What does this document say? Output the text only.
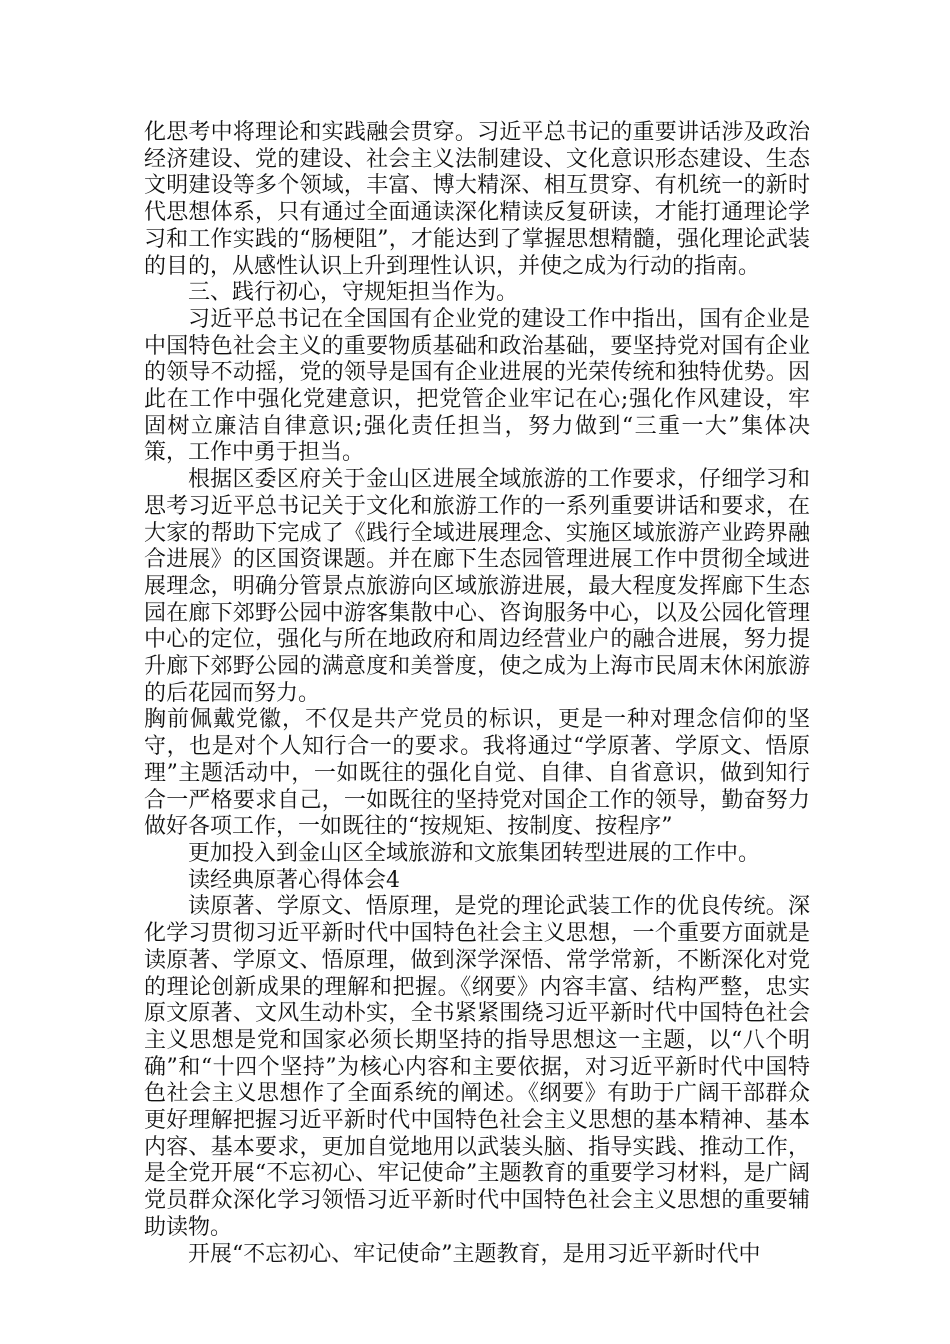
化思考中将理论和实践融会贯穿。习近平总书记的重要讲话涉及政治经济建设、党的建设、社会主义法制建设、文化意识形态建设、生态文明建设等多个领域，丰富、博大精深、相互贯穿、有机统一的新时代思想体系，只有通过全面通读深化精读反复研读，才能打通理论学习和工作实践的“肠梗阻”，才能达到了掌握思想精髓，强化理论武装的目的，从感性认识上升到理性认识，并使之成为行动的指南。

三、践行初心，守规矩担当作为。

习近平总书记在全国国有企业党的建设工作中指出，国有企业是中国特色社会主义的重要物质基础和政治基础，要坚持党对国有企业的领导不动摇，党的领导是国有企业进展的光荣传统和独特优势。因此在工作中强化党建意识，把党管企业牢记在心;强化作风建设，牢固树立廉洁自律意识;强化责任担当，努力做到“三重一大”集体决策，工作中勇于担当。

根据区委区府关于金山区进展全域旅游的工作要求，仔细学习和思考习近平总书记关于文化和旅游工作的一系列重要讲话和要求，在大家的帮助下完成了《践行全域进展理念、实施区域旅游产业跨界融合进展》的区国资课题。并在廊下生态园管理进展工作中贯彻全域进展理念，明确分管景点旅游向区域旅游进展，最大程度发挥廊下生态园在廊下郊野公园中游客集散中心、咨询服务中心，以及公园化管理中心的定位，强化与所在地政府和周边经营业户的融合进展，努力提升廊下郊野公园的满意度和美誉度，使之成为上海市民周末休闲旅游的后花园而努力。

胸前佩戴党徽，不仅是共产党员的标识，更是一种对理念信仰的坚守，也是对个人知行合一的要求。我将通过“学原著、学原文、悟原理”主题活动中，一如既往的强化自觉、自律、自省意识，做到知行合一严格要求自己，一如既往的坚持党对国企工作的领导，勤奋努力做好各项工作，一如既往的“按规矩、按制度、按程序”

更加投入到金山区全域旅游和文旅集团转型进展的工作中。

读经典原著心得体会4

读原著、学原文、悟原理，是党的理论武装工作的优良传统。深化学习贯彻习近平新时代中国特色社会主义思想，一个重要方面就是读原著、学原文、悟原理，做到深学深悟、常学常新，不断深化对党的理论创新成果的理解和把握。《纲要》内容丰富、结构严整，忠实原文原著、文风生动朴实，全书紧紧围绕习近平新时代中国特色社会主义思想是党和国家必须长期坚持的指导思想这一主题，以“八个明确”和“十四个坚持”为核心内容和主要依据，对习近平新时代中国特色社会主义思想作了全面系统的阐述。《纲要》有助于广阔干部群众更好理解把握习近平新时代中国特色社会主义思想的基本精神、基本内容、基本要求，更加自觉地用以武装头脑、指导实践、推动工作，是全党开展“不忘初心、牢记使命”主题教育的重要学习材料，是广阔党员群众深化学习领悟习近平新时代中国特色社会主义思想的重要辅助读物。

开展“不忘初心、牢记使命”主题教育，是用习近平新时代中
